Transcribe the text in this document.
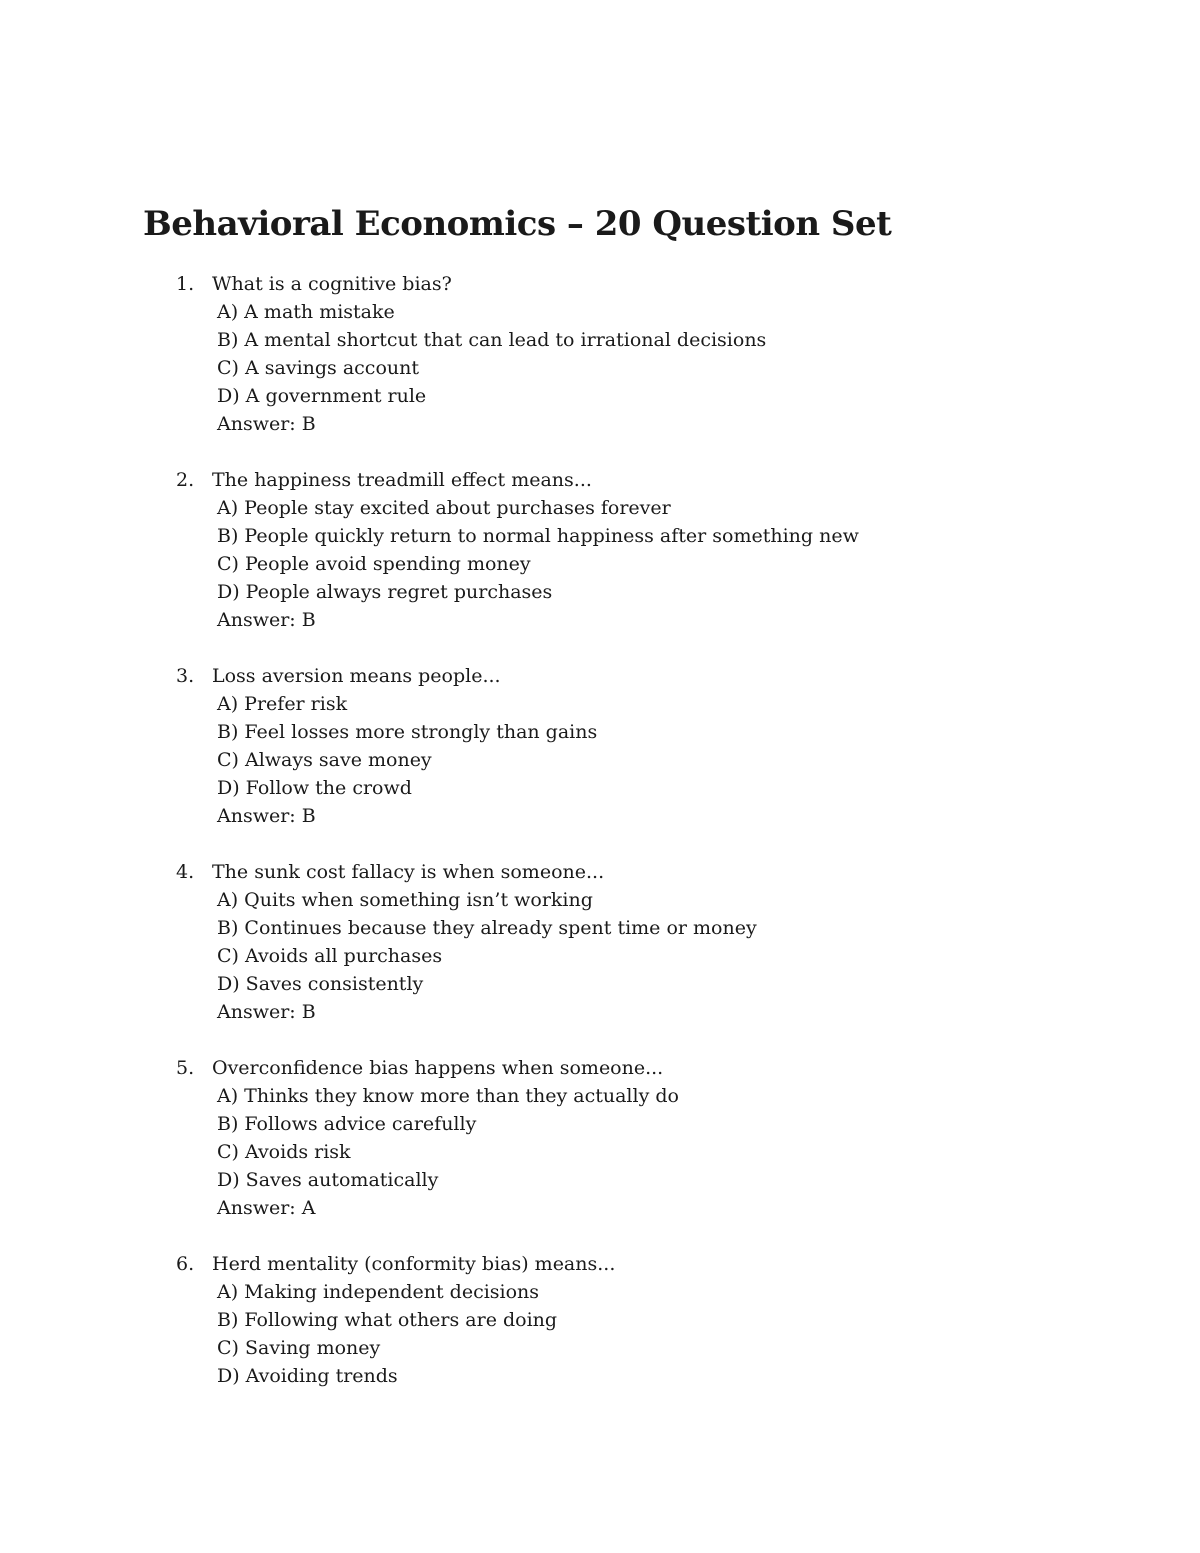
Behavioral Economics – 20 Question Set
1. What is a cognitive bias?
A) A math mistake
B) A mental shortcut that can lead to irrational decisions
C) A savings account
D) A government rule
Answer: B
2. The happiness treadmill effect means...
A) People stay excited about purchases forever
B) People quickly return to normal happiness after something new
C) People avoid spending money
D) People always regret purchases
Answer: B
3. Loss aversion means people...
A) Prefer risk
B) Feel losses more strongly than gains
C) Always save money
D) Follow the crowd
Answer: B
4. The sunk cost fallacy is when someone...
A) Quits when something isn’t working
B) Continues because they already spent time or money
C) Avoids all purchases
D) Saves consistently
Answer: B
5. Overconfidence bias happens when someone...
A) Thinks they know more than they actually do
B) Follows advice carefully
C) Avoids risk
D) Saves automatically
Answer: A
6. Herd mentality (conformity bias) means...
A) Making independent decisions
B) Following what others are doing
C) Saving money
D) Avoiding trends
